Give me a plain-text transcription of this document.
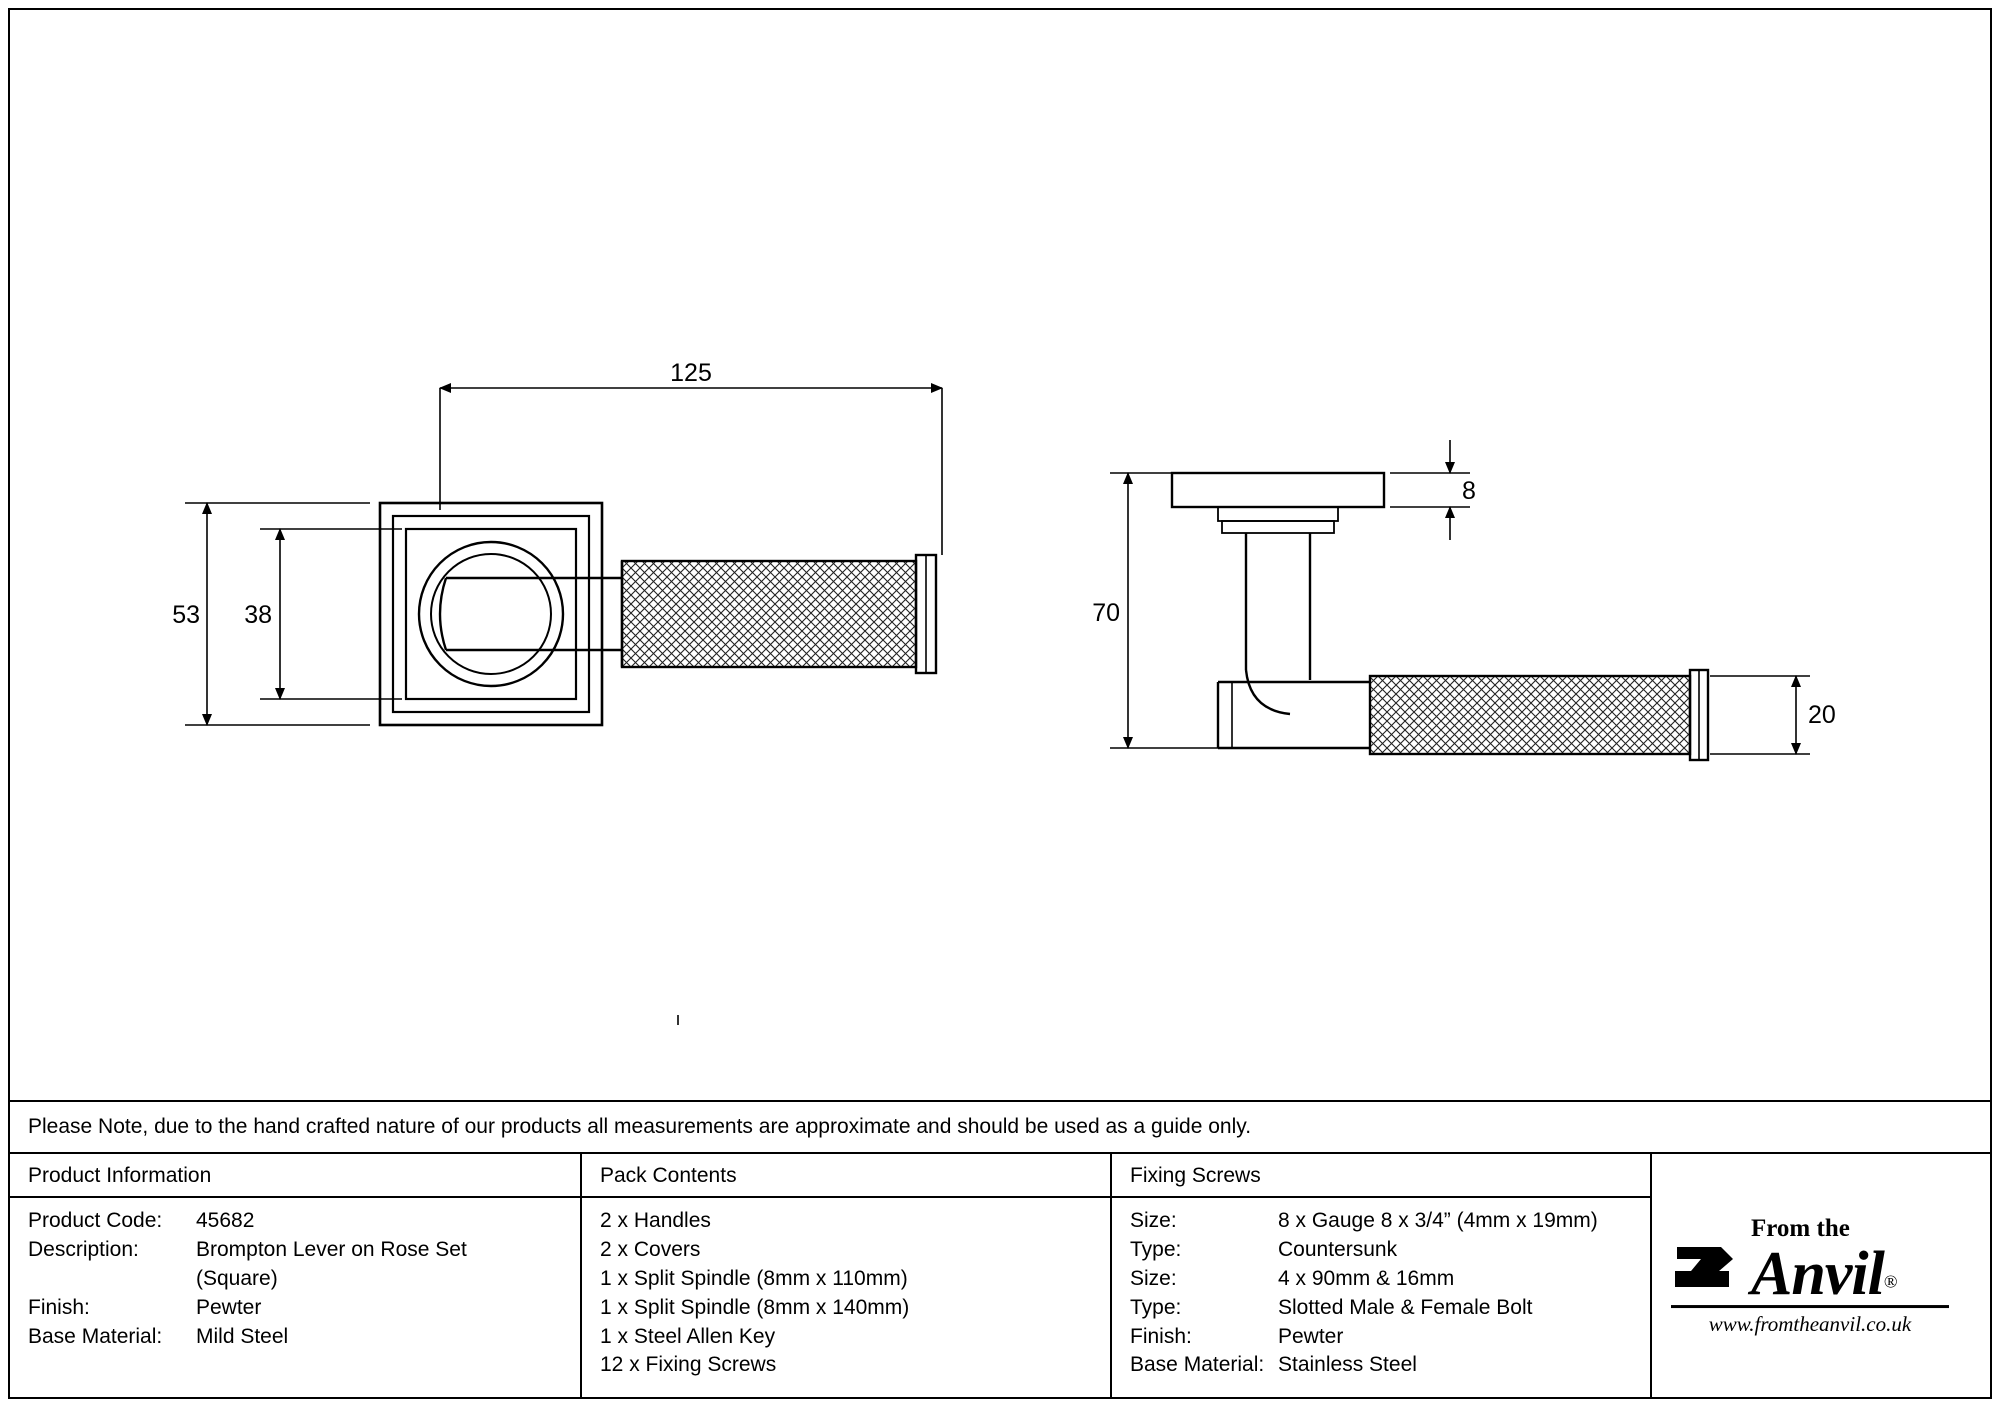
125
53 38
8
70
20
Please Note, due to the hand crafted nature of our products all measurements are approximate and should be used as a guide only.
Product Information
Product Code:	45682
Description:	Brompton Lever on Rose Set
(Square)
Finish:	Pewter
Base Material:	Mild Steel
Pack Contents
2 x Handles
2 x Covers
1 x Split Spindle (8mm x 110mm)
1 x Split Spindle (8mm x 140mm)
1 x Steel Allen Key
12 x Fixing Screws
Fixing Screws
Size:	8 x Gauge 8 x 3/4” (4mm x 19mm)
Type:	Countersunk
Size:	4 x 90mm & 16mm
Type:	Slotted Male & Female Bolt
Finish:	Pewter
Base Material: Stainless Steel
From the
Anvil®
www.fromtheanvil.co.uk
